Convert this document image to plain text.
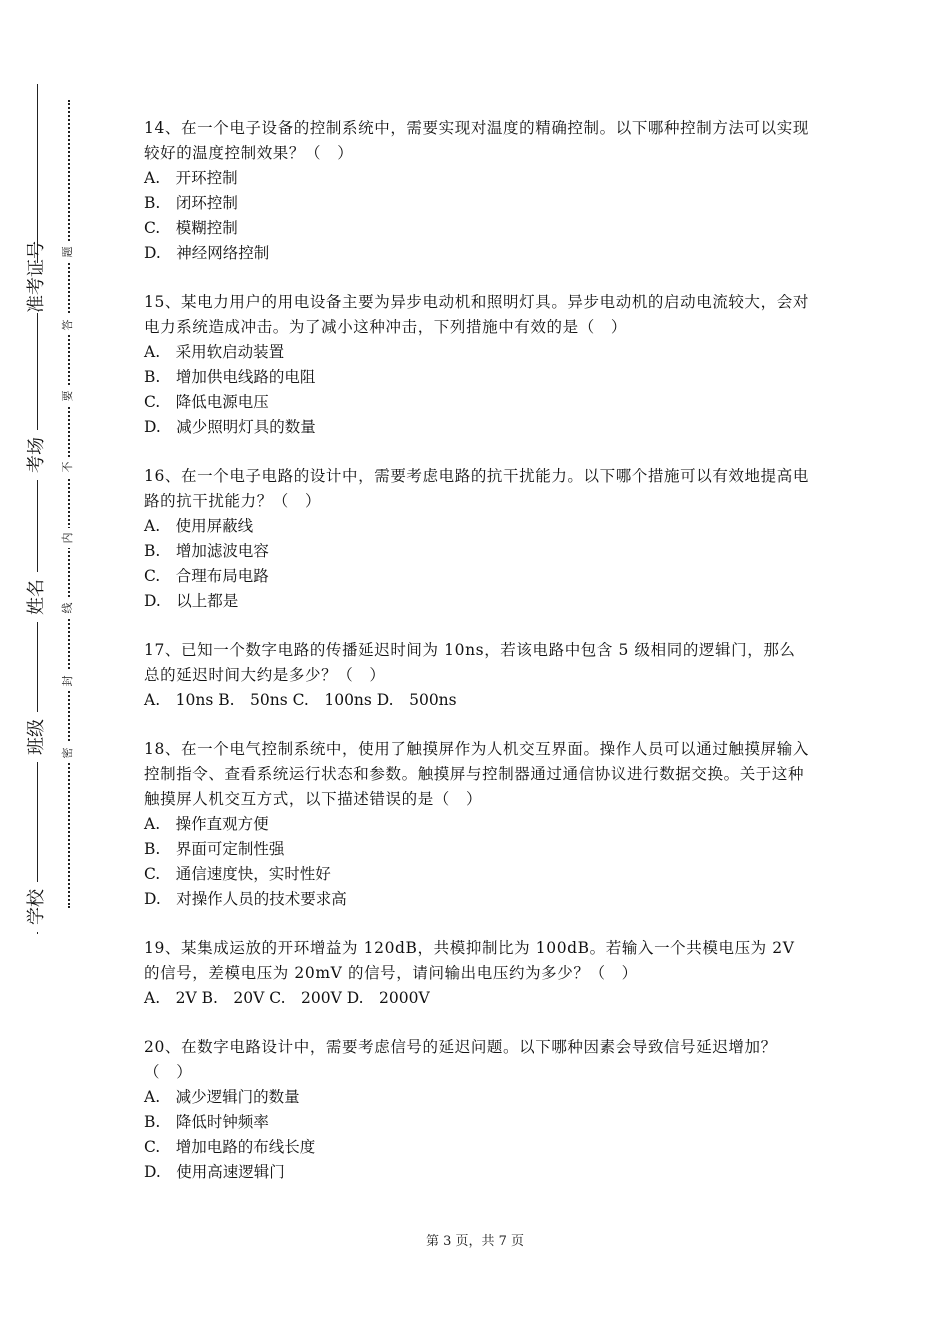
学校
班级
姓名
考场
准考证号
密
封
线
内
不
要
答
题
14、在一个电子设备的控制系统中，需要实现对温度的精确控制。以下哪种控制方法可以实现较好的温度控制效果？（　）
A.　开环控制
B.　闭环控制
C.　模糊控制
D.　神经网络控制
15、某电力用户的用电设备主要为异步电动机和照明灯具。异步电动机的启动电流较大，会对电力系统造成冲击。为了减小这种冲击，下列措施中有效的是（　）
A.　采用软启动装置
B.　增加供电线路的电阻
C.　降低电源电压
D.　减少照明灯具的数量
16、在一个电子电路的设计中，需要考虑电路的抗干扰能力。以下哪个措施可以有效地提高电路的抗干扰能力？（　）
A.　使用屏蔽线
B.　增加滤波电容
C.　合理布局电路
D.　以上都是
17、已知一个数字电路的传播延迟时间为 10ns，若该电路中包含 5 级相同的逻辑门，那么总的延迟时间大约是多少？（　）
A.　10ns B.　50ns C.　100ns D.　500ns
18、在一个电气控制系统中，使用了触摸屏作为人机交互界面。操作人员可以通过触摸屏输入控制指令、查看系统运行状态和参数。触摸屏与控制器通过通信协议进行数据交换。关于这种触摸屏人机交互方式，以下描述错误的是（　）
A.　操作直观方便
B.　界面可定制性强
C.　通信速度快，实时性好
D.　对操作人员的技术要求高
19、某集成运放的开环增益为 120dB，共模抑制比为 100dB。若输入一个共模电压为 2V 的信号，差模电压为 20mV 的信号，请问输出电压约为多少？（　）
A.　2V B.　20V C.　200V D.　2000V
20、在数字电路设计中，需要考虑信号的延迟问题。以下哪种因素会导致信号延迟增加？（　）
A.　减少逻辑门的数量
B.　降低时钟频率
C.　增加电路的布线长度
D.　使用高速逻辑门
第 3 页，共 7 页
